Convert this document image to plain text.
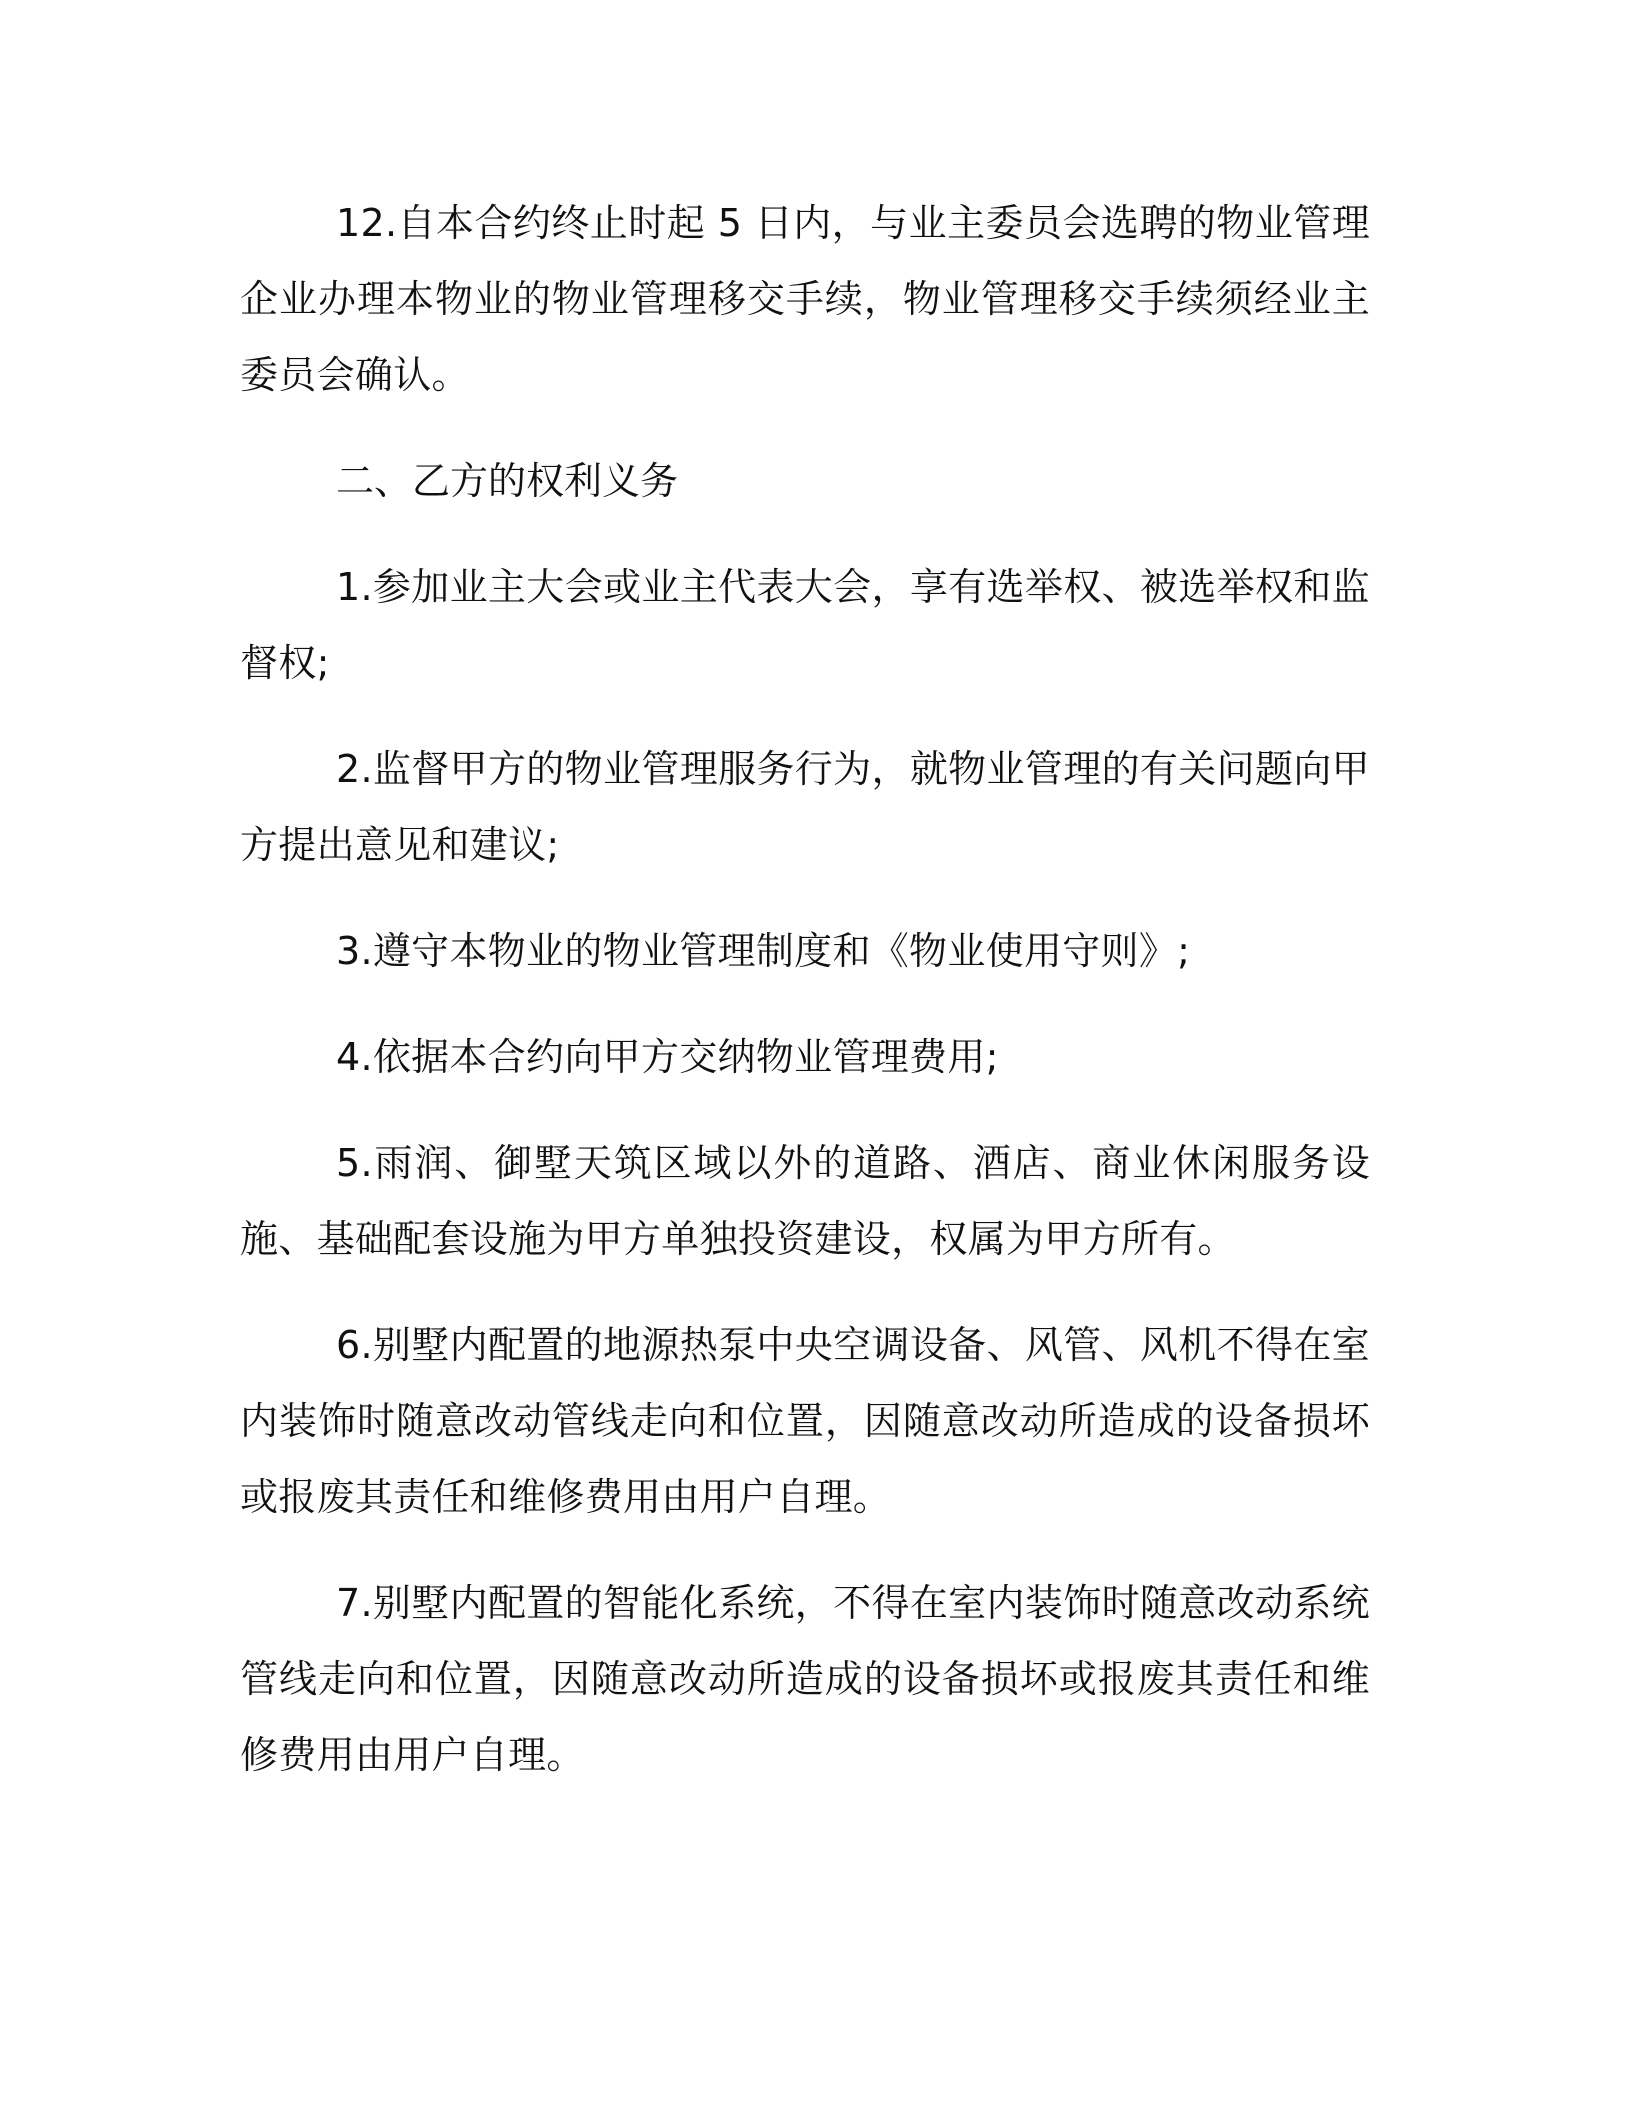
12.自本合约终止时起 5 日内，与业主委员会选聘的物业管理企业办理本物业的物业管理移交手续，物业管理移交手续须经业主委员会确认。

二、乙方的权利义务

1.参加业主大会或业主代表大会，享有选举权、被选举权和监督权;

2.监督甲方的物业管理服务行为，就物业管理的有关问题向甲方提出意见和建议;

3.遵守本物业的物业管理制度和《物业使用守则》;

4.依据本合约向甲方交纳物业管理费用;

5.雨润、御墅天筑区域以外的道路、酒店、商业休闲服务设施、基础配套设施为甲方单独投资建设，权属为甲方所有。

6.别墅内配置的地源热泵中央空调设备、风管、风机不得在室内装饰时随意改动管线走向和位置，因随意改动所造成的设备损坏或报废其责任和维修费用由用户自理。

7.别墅内配置的智能化系统，不得在室内装饰时随意改动系统管线走向和位置，因随意改动所造成的设备损坏或报废其责任和维修费用由用户自理。
